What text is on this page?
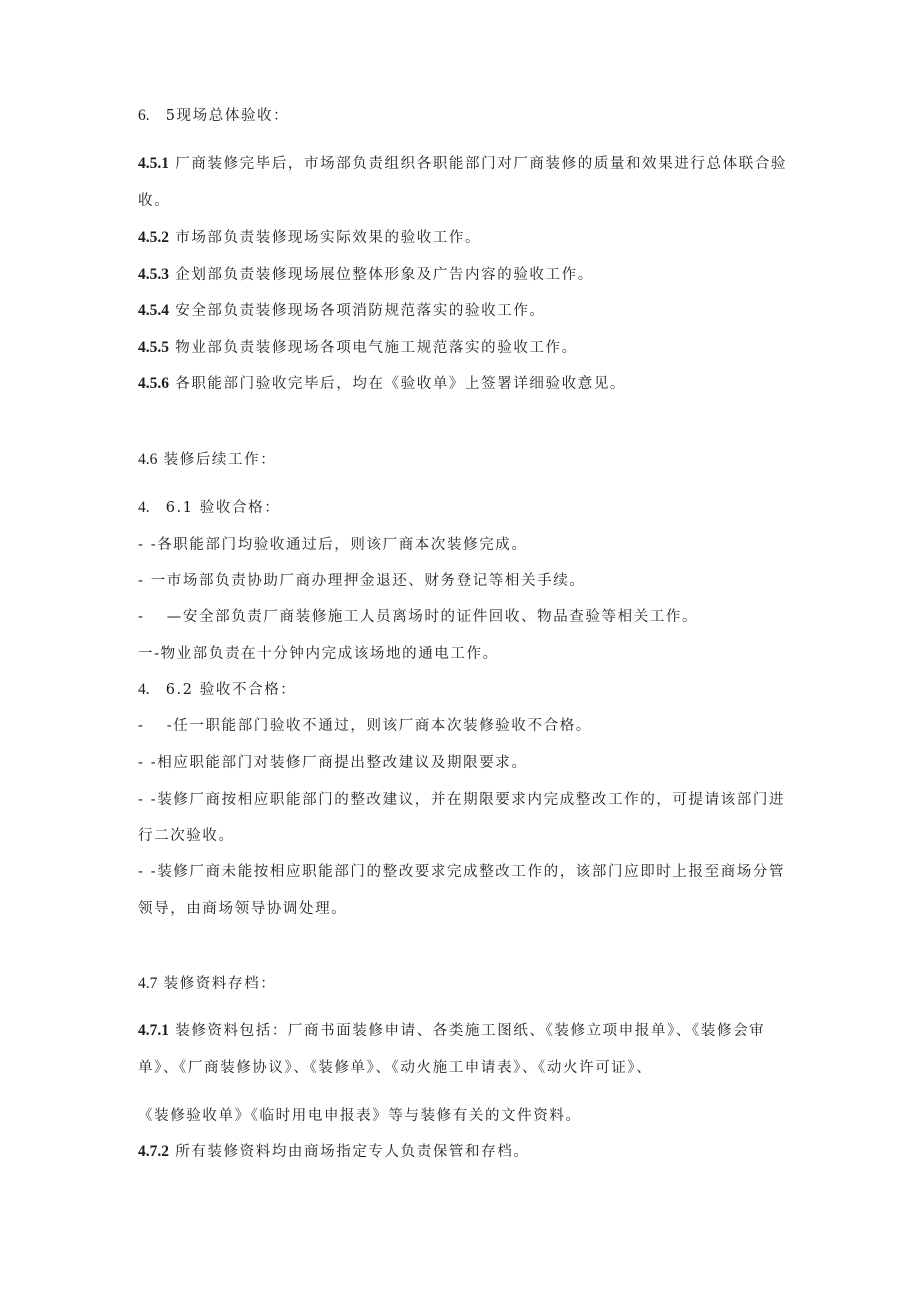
6.　5现场总体验收：
4.5.1 厂商装修完毕后，市场部负责组织各职能部门对厂商装修的质量和效果进行总体联合验
收。
4.5.2 市场部负责装修现场实际效果的验收工作。
4.5.3 企划部负责装修现场展位整体形象及广告内容的验收工作。
4.5.4 安全部负责装修现场各项消防规范落实的验收工作。
4.5.5 物业部负责装修现场各项电气施工规范落实的验收工作。
4.5.6 各职能部门验收完毕后，均在《验收单》上签署详细验收意见。
4.6 装修后续工作：
4.　6.1 验收合格：
- -各职能部门均验收通过后，则该厂商本次装修完成。
- 一市场部负责协助厂商办理押金退还、财务登记等相关手续。
-　 —安全部负责厂商装修施工人员离场时的证件回收、物品查验等相关工作。
一-物业部负责在十分钟内完成该场地的通电工作。
4.　6.2 验收不合格：
-　 -任一职能部门验收不通过，则该厂商本次装修验收不合格。
- -相应职能部门对装修厂商提出整改建议及期限要求。
- -装修厂商按相应职能部门的整改建议，并在期限要求内完成整改工作的，可提请该部门进
行二次验收。
- -装修厂商未能按相应职能部门的整改要求完成整改工作的，该部门应即时上报至商场分管
领导，由商场领导协调处理。
4.7 装修资料存档：
4.7.1 装修资料包括：厂商书面装修申请、各类施工图纸、《装修立项申报单》、《装修会审
单》、《厂商装修协议》、《装修单》、《动火施工申请表》、《动火许可证》、
《装修验收单》《临时用电申报表》等与装修有关的文件资料。
4.7.2 所有装修资料均由商场指定专人负责保管和存档。
